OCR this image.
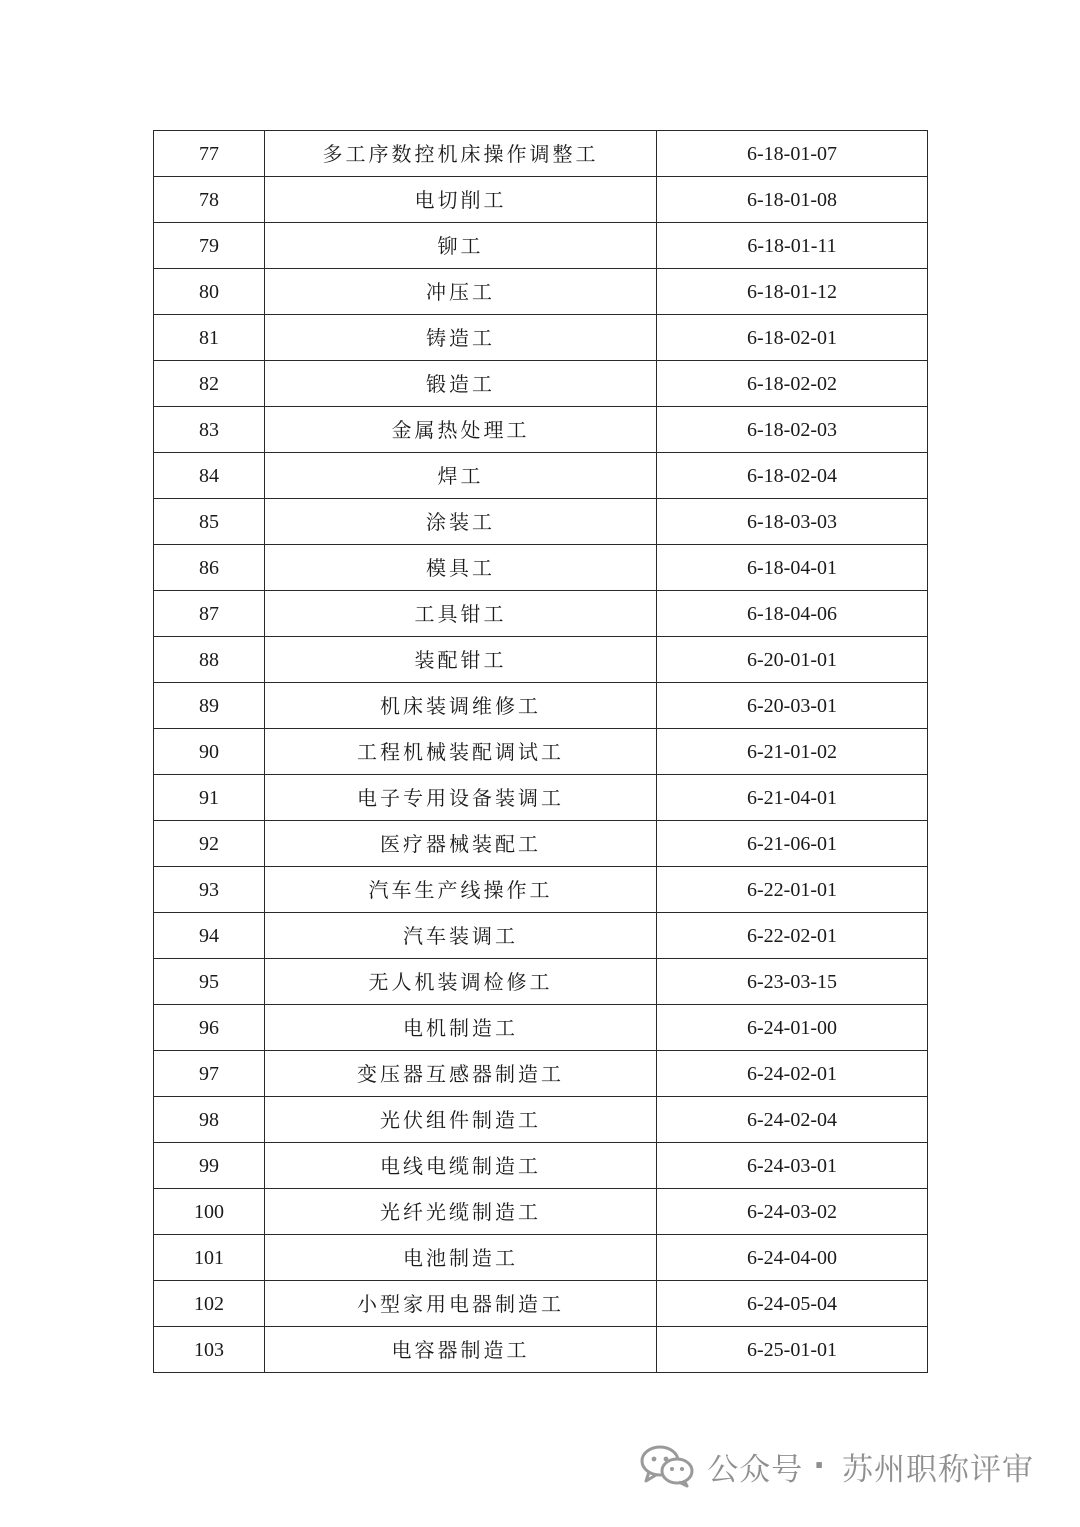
77	多工序数控机床操作调整工	6-18-01-07
78	电切削工	6-18-01-08
79	铆工	6-18-01-11
80	冲压工	6-18-01-12
81	铸造工	6-18-02-01
82	锻造工	6-18-02-02
83	金属热处理工	6-18-02-03
84	焊工	6-18-02-04
85	涂装工	6-18-03-03
86	模具工	6-18-04-01
87	工具钳工	6-18-04-06
88	装配钳工	6-20-01-01
89	机床装调维修工	6-20-03-01
90	工程机械装配调试工	6-21-01-02
91	电子专用设备装调工	6-21-04-01
92	医疗器械装配工	6-21-06-01
93	汽车生产线操作工	6-22-01-01
94	汽车装调工	6-22-02-01
95	无人机装调检修工	6-23-03-15
96	电机制造工	6-24-01-00
97	变压器互感器制造工	6-24-02-01
98	光伏组件制造工	6-24-02-04
99	电线电缆制造工	6-24-03-01
100	光纤光缆制造工	6-24-03-02
101	电池制造工	6-24-04-00
102	小型家用电器制造工	6-24-05-04
103	电容器制造工	6-25-01-01
公众号 · 苏州职称评审
